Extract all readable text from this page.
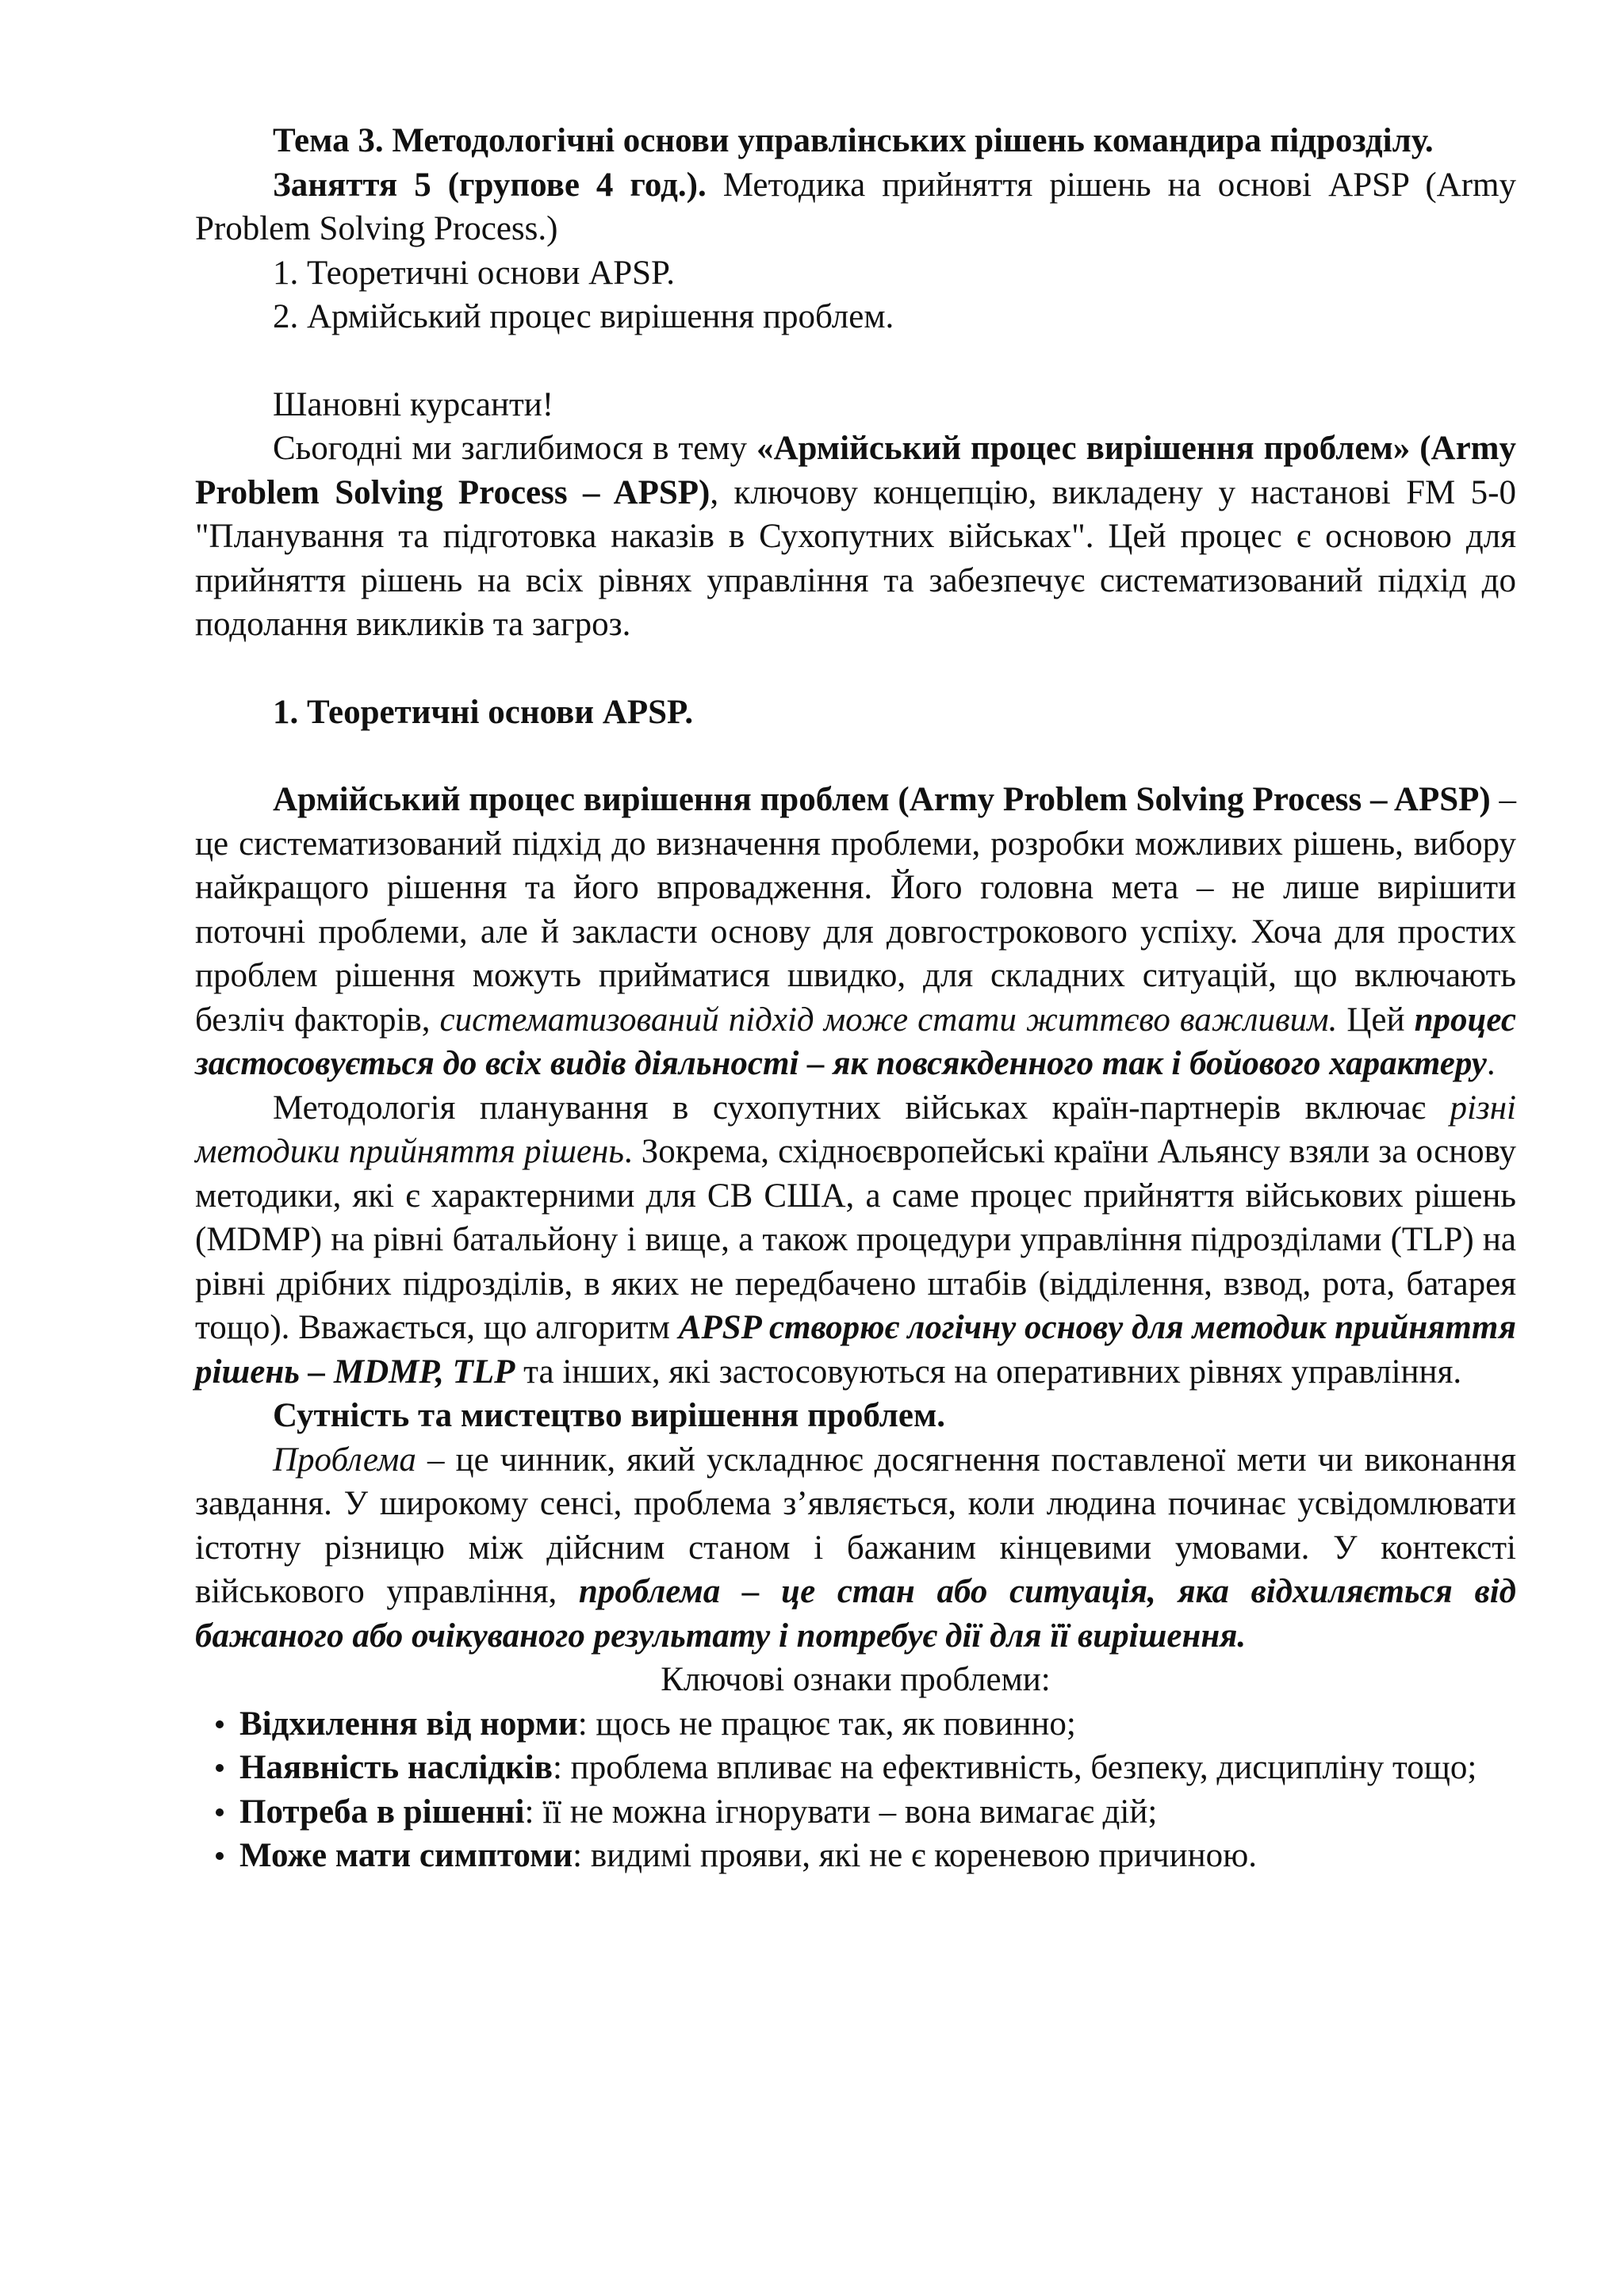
Тема 3. Методологічні основи управлінських рішень командира підрозділу.

Заняття 5 (групове 4 год.). Методика прийняття рішень на основі APSP (Army Problem Solving Process.)

1. Теоретичні основи APSP.

2. Армійський процес вирішення проблем.

Шановні курсанти!

Сьогодні ми заглибимося в тему «Армійський процес вирішення проблем» (Army Problem Solving Process – APSP), ключову концепцію, викладену у настанові FM 5-0 "Планування та підготовка наказів в Сухопутних військах". Цей процес є основою для прийняття рішень на всіх рівнях управління та забезпечує систематизований підхід до подолання викликів та загроз.

1. Теоретичні основи APSP.

Армійський процес вирішення проблем (Army Problem Solving Process – APSP) – це систематизований підхід до визначення проблеми, розробки можливих рішень, вибору найкращого рішення та його впровадження. Його головна мета – не лише вирішити поточні проблеми, але й закласти основу для довгострокового успіху. Хоча для простих проблем рішення можуть прийматися швидко, для складних ситуацій, що включають безліч факторів, систематизований підхід може стати життєво важливим. Цей процес застосовується до всіх видів діяльності – як повсякденного так і бойового характеру.

Методологія планування в сухопутних військах країн-партнерів включає різні методики прийняття рішень. Зокрема, східноєвропейські країни Альянсу взяли за основу методики, які є характерними для СВ США, а саме процес прийняття військових рішень (MDMP) на рівні батальйону і вище, а також процедури управління підрозділами (TLP) на рівні дрібних підрозділів, в яких не передбачено штабів (відділення, взвод, рота, батарея тощо). Вважається, що алгоритм APSP створює логічну основу для методик прийняття рішень – MDMP, TLP та інших, які застосовуються на оперативних рівнях управління.

Сутність та мистецтво вирішення проблем.

Проблема – це чинник, який ускладнює досягнення поставленої мети чи виконання завдання. У широкому сенсі, проблема з’являється, коли людина починає усвідомлювати істотну різницю між дійсним станом і бажаним кінцевими умовами. У контексті військового управління, проблема – це стан або ситуація, яка відхиляється від бажаного або очікуваного результату і потребує дії для її вирішення.

Ключові ознаки проблеми:

Відхилення від норми: щось не працює так, як повинно;
Наявність наслідків: проблема впливає на ефективність, безпеку, дисципліну тощо;
Потреба в рішенні: її не можна ігнорувати – вона вимагає дій;
Може мати симптоми: видимі прояви, які не є кореневою причиною.
